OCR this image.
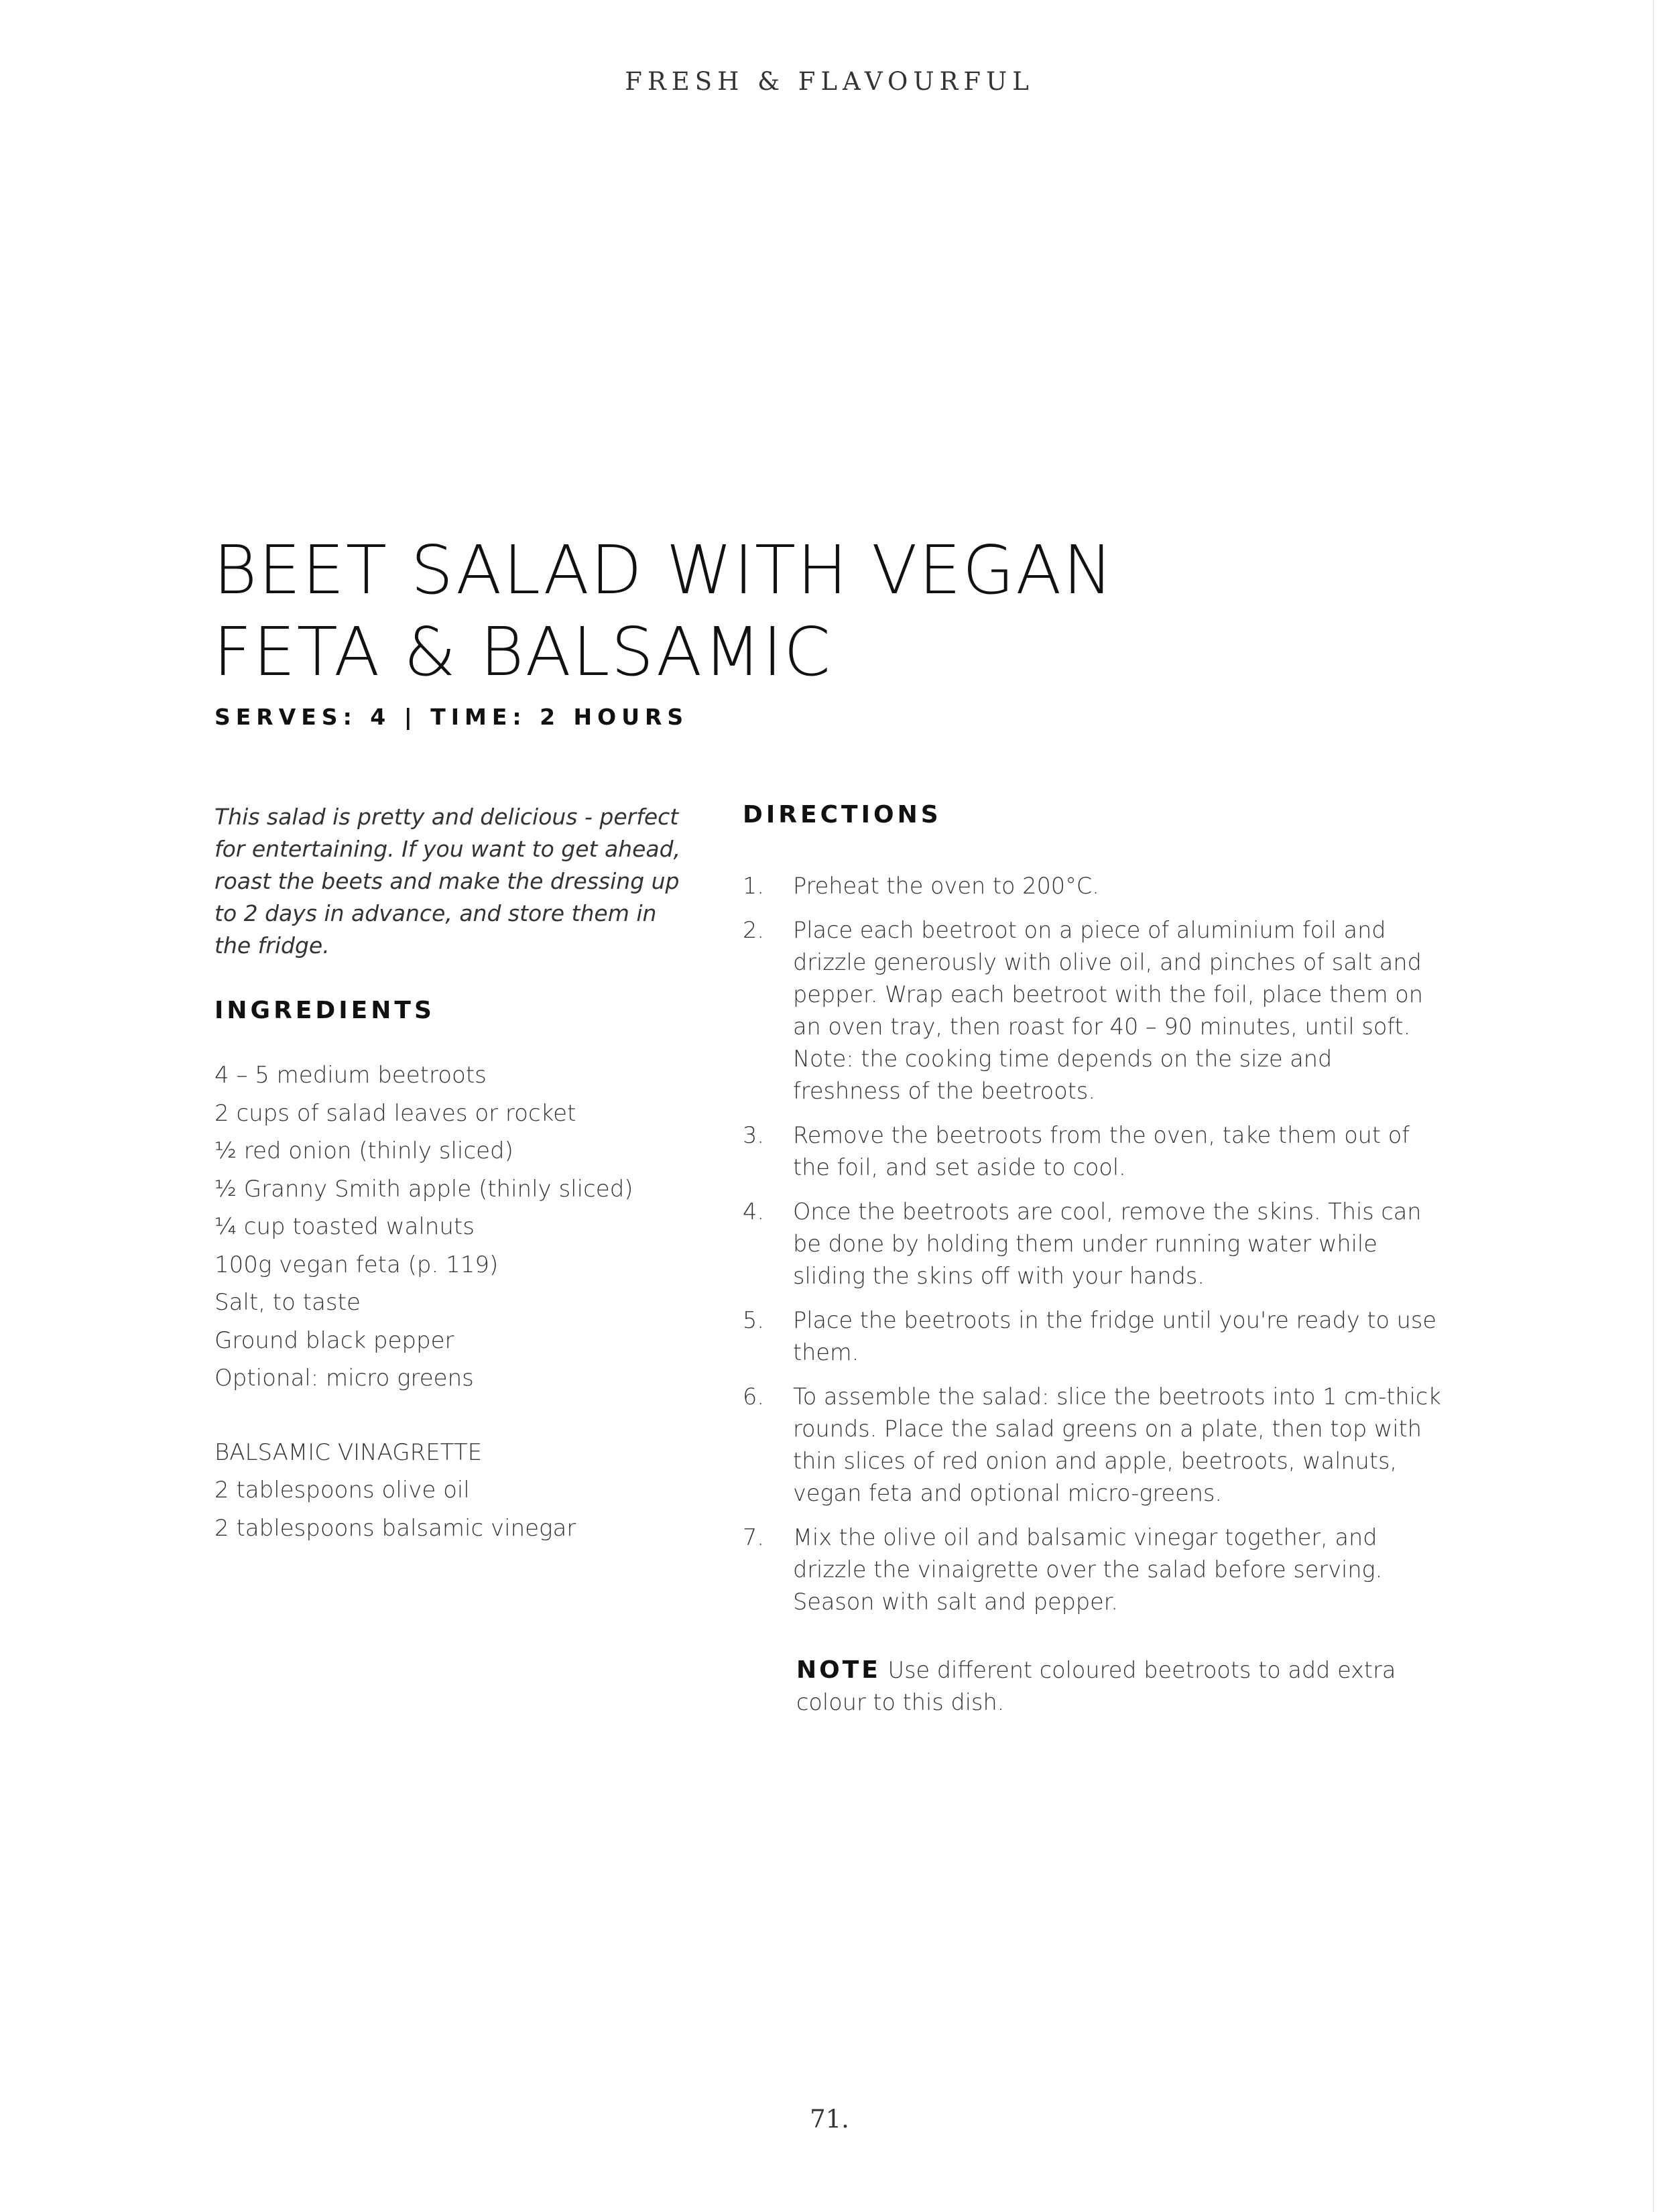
FRESH & FLAVOURFUL
BEET SALAD WITH VEGAN
FETA & BALSAMIC
SERVES: 4 | TIME: 2 HOURS

This salad is pretty and delicious - perfect for entertaining. If you want to get ahead, roast the beets and make the dressing up to 2 days in advance, and store them in the fridge.

INGREDIENTS
4 – 5 medium beetroots
2 cups of salad leaves or rocket
½ red onion (thinly sliced)
½ Granny Smith apple (thinly sliced)
¼ cup toasted walnuts
100g vegan feta (p. 119)
Salt, to taste
Ground black pepper
Optional: micro greens
BALSAMIC VINAGRETTE
2 tablespoons olive oil
2 tablespoons balsamic vinegar
DIRECTIONS
1. Preheat the oven to 200°C.
2. Place each beetroot on a piece of aluminium foil and drizzle generously with olive oil, and pinches of salt and pepper. Wrap each beetroot with the foil, place them on an oven tray, then roast for 40 – 90 minutes, until soft. Note: the cooking time depends on the size and freshness of the beetroots.
3. Remove the beetroots from the oven, take them out of the foil, and set aside to cool.
4. Once the beetroots are cool, remove the skins. This can be done by holding them under running water while sliding the skins off with your hands.
5. Place the beetroots in the fridge until you're ready to use them.
6. To assemble the salad: slice the beetroots into 1 cm-thick rounds. Place the salad greens on a plate, then top with thin slices of red onion and apple, beetroots, walnuts, vegan feta and optional micro-greens.
7. Mix the olive oil and balsamic vinegar together, and drizzle the vinaigrette over the salad before serving. Season with salt and pepper.

NOTE Use different coloured beetroots to add extra colour to this dish.

71.
